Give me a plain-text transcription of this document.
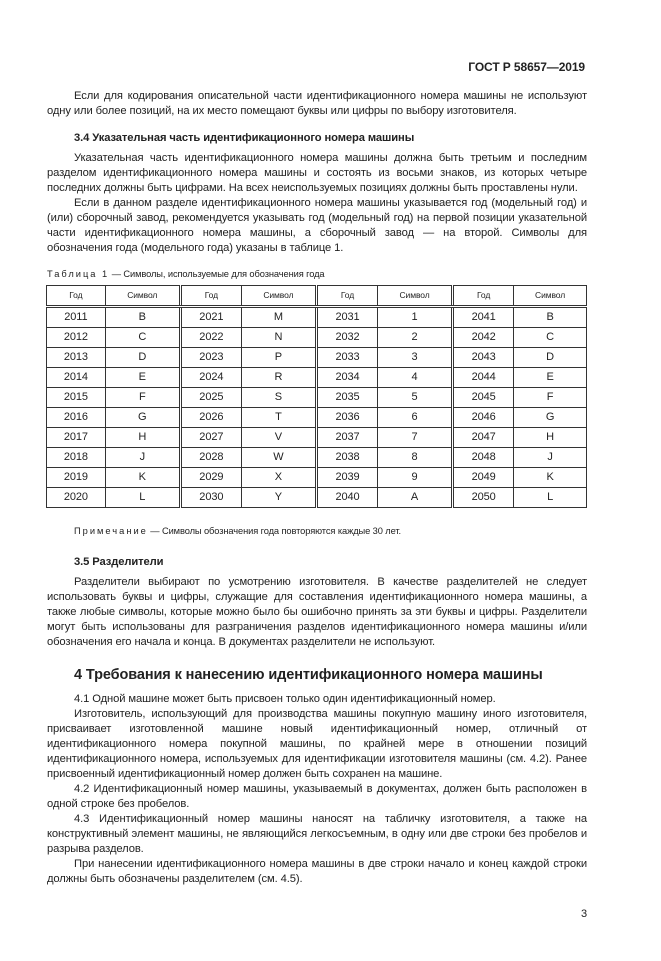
ГОСТ Р 58657—2019

Если для кодирования описательной части идентификационного номера машины не используют одну или более позиций, на их место помещают буквы или цифры по выбору изготовителя.

3.4 Указательная часть идентификационного номера машины

Указательная часть идентификационного номера машины должна быть третьим и последним разделом идентификационного номера машины и состоять из восьми знаков, из которых четыре последних должны быть цифрами. На всех неиспользуемых позициях должны быть проставлены нули.

Если в данном разделе идентификационного номера машины указывается год (модельный год) и (или) сборочный завод, рекомендуется указывать год (модельный год) на первой позиции указательной части идентификационного номера машины, а сборочный завод — на второй. Символы для обозначения года (модельного года) указаны в таблице 1.

Таблица 1 — Символы, используемые для обозначения года
Год	Символ	Год	Символ	Год	Символ	Год	Символ
2011	B	2021	M	2031	1	2041	B
2012	C	2022	N	2032	2	2042	C
2013	D	2023	P	2033	3	2043	D
2014	E	2024	R	2034	4	2044	E
2015	F	2025	S	2035	5	2045	F
2016	G	2026	T	2036	6	2046	G
2017	H	2027	V	2037	7	2047	H
2018	J	2028	W	2038	8	2048	J
2019	K	2029	X	2039	9	2049	K
2020	L	2030	Y	2040	A	2050	L
Примечание — Символы обозначения года повторяются каждые 30 лет.

3.5 Разделители

Разделители выбирают по усмотрению изготовителя. В качестве разделителей не следует использовать буквы и цифры, служащие для составления идентификационного номера машины, а также любые символы, которые можно было бы ошибочно принять за эти буквы и цифры. Разделители могут быть использованы для разграничения разделов идентификационного номера машины и/или обозначения его начала и конца. В документах разделители не используют.

4 Требования к нанесению идентификационного номера машины

4.1 Одной машине может быть присвоен только один идентификационный номер.

Изготовитель, использующий для производства машины покупную машину иного изготовителя, присваивает изготовленной машине новый идентификационный номер, отличный от идентификационного номера покупной машины, по крайней мере в отношении позиций идентификационного номера, используемых для идентификации изготовителя машины (см. 4.2). Ранее присвоенный идентификационный номер должен быть сохранен на машине.

4.2 Идентификационный номер машины, указываемый в документах, должен быть расположен в одной строке без пробелов.

4.3 Идентификационный номер машины наносят на табличку изготовителя, а также на конструктивный элемент машины, не являющийся легкосъемным, в одну или две строки без пробелов и разрыва разделов.

При нанесении идентификационного номера машины в две строки начало и конец каждой строки должны быть обозначены разделителем (см. 4.5).

3
